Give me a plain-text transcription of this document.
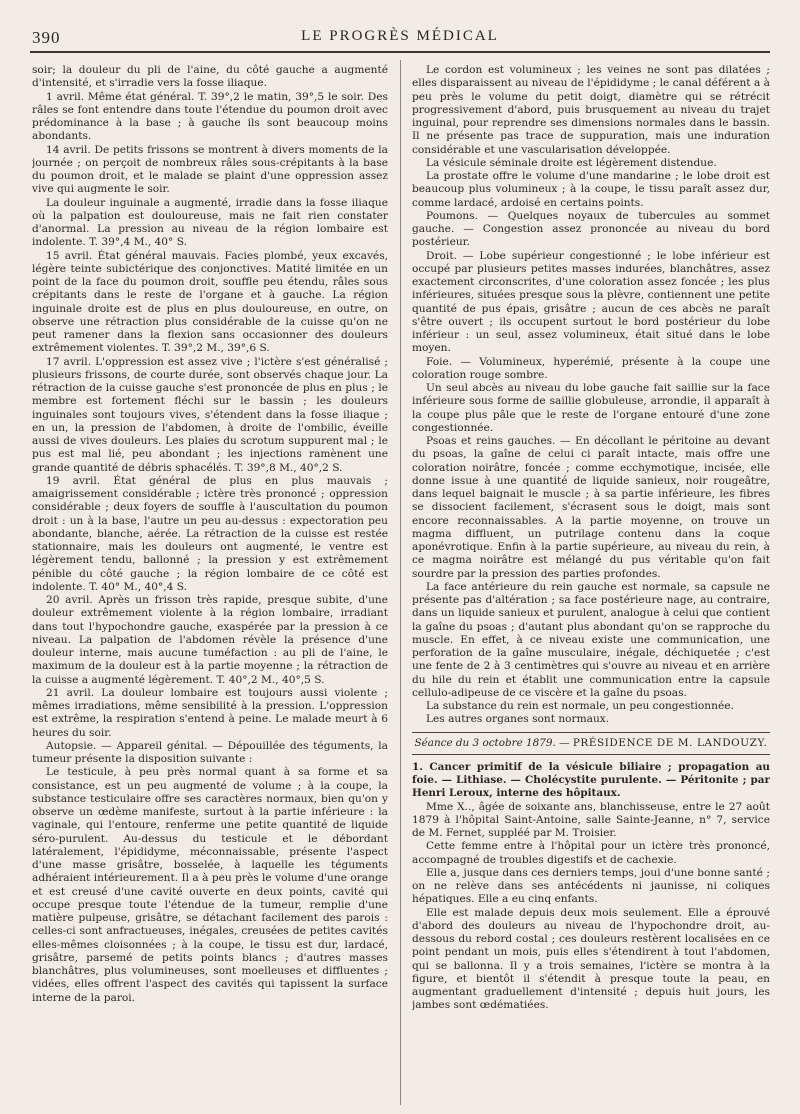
390	LE PROGRÈS MÉDICAL

soir; la douleur du pli de l'aine, du côté gauche a augmenté d'intensité, et s'irradie vers la fosse iliaque.

1 avril. Même état général. T. 39°,2 le matin, 39°,5 le soir. Des râles se font entendre dans toute l'étendue du poumon droit avec prédominance à la base ; à gauche ils sont beaucoup moins abondants.

14 avril. De petits frissons se montrent à divers moments de la journée ; on perçoit de nombreux râles sous-crépitants à la base du poumon droit, et le malade se plaint d'une oppression assez vive qui augmente le soir.

La douleur inguinale a augmenté, irradie dans la fosse iliaque où la palpation est douloureuse, mais ne fait rien constater d'anormal. La pression au niveau de la région lombaire est indolente. T. 39°,4 M., 40° S.

15 avril. État général mauvais. Facies plombé, yeux excavés, légère teinte subictérique des conjonctives. Matité limitée en un point de la face du poumon droit, souffle peu étendu, râles sous crépitants dans le reste de l'organe et à gauche. La région inguinale droite est de plus en plus douloureuse, en outre, on observe une rétraction plus considérable de la cuisse qu'on ne peut ramener dans la flexion sans occasionner des douleurs extrêmement violentes. T. 39°,2 M., 39°,6 S.

17 avril. L'oppression est assez vive ; l'ictère s'est généralisé ; plusieurs frissons, de courte durée, sont observés chaque jour. La rétraction de la cuisse gauche s'est prononcée de plus en plus ; le membre est fortement fléchi sur le bassin ; les douleurs inguinales sont toujours vives, s'étendent dans la fosse iliaque ; en un, la pression de l'abdomen, à droite de l'ombilic, éveille aussi de vives douleurs. Les plaies du scrotum suppurent mal ; le pus est mal lié, peu abondant ; les injections ramènent une grande quantité de débris sphacélés. T. 39°,8 M., 40°,2 S.

19 avril. État général de plus en plus mauvais ; amaigrissement considérable ; ictère très prononcé ; oppression considérable ; deux foyers de souffle à l'auscultation du poumon droit : un à la base, l'autre un peu au-dessus : expectoration peu abondante, blanche, aérée. La rétraction de la cuisse est restée stationnaire, mais les douleurs ont augmenté, le ventre est légèrement tendu, ballonné ; la pression y est extrêmement pénible du côté gauche ; la région lombaire de ce côté est indolente. T. 40° M., 40°,4 S.

20 avril. Après un frisson très rapide, presque subite, d'une douleur extrêmement violente à la région lombaire, irradiant dans tout l'hypochondre gauche, exaspérée par la pression à ce niveau. La palpation de l'abdomen révèle la présence d'une douleur interne, mais aucune tuméfaction : au pli de l'aine, le maximum de la douleur est à la partie moyenne ; la rétraction de la cuisse a augmenté légèrement. T. 40°,2 M., 40°,5 S.

21 avril. La douleur lombaire est toujours aussi violente ; mêmes irradiations, même sensibilité à la pression. L'oppression est extrême, la respiration s'entend à peine. Le malade meurt à 6 heures du soir.

Autopsie. — Appareil génital. — Dépouillée des téguments, la tumeur présente la disposition suivante :

Le testicule, à peu près normal quant à sa forme et sa consistance, est un peu augmenté de volume ; à la coupe, la substance testiculaire offre ses caractères normaux, bien qu'on y observe un œdème manifeste, surtout à la partie inférieure : la vaginale, qui l'entoure, renferme une petite quantité de liquide séro-purulent. Au-dessus du testicule et le débordant latéralement, l'épididyme, méconnaissable, présente l'aspect d'une masse grisâtre, bosselée, à laquelle les téguments adhéraient intérieurement. Il a à peu près le volume d'une orange et est creusé d'une cavité ouverte en deux points, cavité qui occupe presque toute l'étendue de la tumeur, remplie d'une matière pulpeuse, grisâtre, se détachant facilement des parois : celles-ci sont anfractueuses, inégales, creusées de petites cavités elles-mêmes cloisonnées ; à la coupe, le tissu est dur, lardacé, grisâtre, parsemé de petits points blancs ; d'autres masses blanchâtres, plus volumineuses, sont moelleuses et diffluentes ; vidées, elles offrent l'aspect des cavités qui tapissent la surface interne de la paroi.

Le cordon est volumineux ; les veines ne sont pas dilatées ; elles disparaissent au niveau de l'épididyme ; le canal déférent a à peu près le volume du petit doigt, diamètre qui se rétrécit progressivement d'abord, puis brusquement au niveau du trajet inguinal, pour reprendre ses dimensions normales dans le bassin. Il ne présente pas trace de suppuration, mais une induration considérable et une vascularisation développée.

La vésicule séminale droite est légèrement distendue.

La prostate offre le volume d'une mandarine ; le lobe droit est beaucoup plus volumineux ; à la coupe, le tissu paraît assez dur, comme lardacé, ardoisé en certains points.

Poumons. — Quelques noyaux de tubercules au sommet gauche. — Congestion assez prononcée au niveau du bord postérieur.

Droit. — Lobe supérieur congestionné ; le lobe inférieur est occupé par plusieurs petites masses indurées, blanchâtres, assez exactement circonscrites, d'une coloration assez foncée ; les plus inférieures, situées presque sous la plèvre, contiennent une petite quantité de pus épais, grisâtre ; aucun de ces abcès ne paraît s'être ouvert ; ils occupent surtout le bord postérieur du lobe inférieur : un seul, assez volumineux, était situé dans le lobe moyen.

Foie. — Volumineux, hyperémié, présente à la coupe une coloration rouge sombre.

Un seul abcès au niveau du lobe gauche fait saillie sur la face inférieure sous forme de saillie globuleuse, arrondie, il apparaît à la coupe plus pâle que le reste de l'organe entouré d'une zone congestionnée.

Psoas et reins gauches. — En décollant le péritoine au devant du psoas, la gaîne de celui ci paraît intacte, mais offre une coloration noirâtre, foncée ; comme ecchymotique, incisée, elle donne issue à une quantité de liquide sanieux, noir rougeâtre, dans lequel baignait le muscle ; à sa partie inférieure, les fibres se dissocient facilement, s'écrasent sous le doigt, mais sont encore reconnaissables. A la partie moyenne, on trouve un magma diffluent, un putrilage contenu dans la coque aponévrotique. Enfin à la partie supérieure, au niveau du rein, à ce magma noirâtre est mélangé du pus véritable qu'on fait sourdre par la pression des parties profondes.

La face antérieure du rein gauche est normale, sa capsule ne présente pas d'altération ; sa face postérieure nage, au contraire, dans un liquide sanieux et purulent, analogue à celui que contient la gaîne du psoas ; d'autant plus abondant qu'on se rapproche du muscle. En effet, à ce niveau existe une communication, une perforation de la gaîne musculaire, inégale, déchiquetée ; c'est une fente de 2 à 3 centimètres qui s'ouvre au niveau et en arrière du hile du rein et établit une communication entre la capsule cellulo-adipeuse de ce viscère et la gaîne du psoas.

La substance du rein est normale, un peu congestionnée.

Les autres organes sont normaux.

Séance du 3 octobre 1879. — PRÉSIDENCE DE M. LANDOUZY.

1. Cancer primitif de la vésicule biliaire ; propagation au foie. — Lithiase. — Cholécystite purulente. — Péritonite ; par Henri Leroux, interne des hôpitaux.

Mme X.., âgée de soixante ans, blanchisseuse, entre le 27 août 1879 à l'hôpital Saint-Antoine, salle Sainte-Jeanne, n° 7, service de M. Fernet, suppléé par M. Troisier.

Cette femme entre à l'hôpital pour un ictère très prononcé, accompagné de troubles digestifs et de cachexie.

Elle a, jusque dans ces derniers temps, joui d'une bonne santé ; on ne relève dans ses antécédents ni jaunisse, ni coliques hépatiques. Elle a eu cinq enfants.

Elle est malade depuis deux mois seulement. Elle a éprouvé d'abord des douleurs au niveau de l'hypochondre droit, au-dessous du rebord costal ; ces douleurs restèrent localisées en ce point pendant un mois, puis elles s'étendirent à tout l'abdomen, qui se ballonna. Il y a trois semaines, l'ictère se montra à la figure, et bientôt il s'étendit à presque toute la peau, en augmentant graduellement d'intensité ; depuis huit jours, les jambes sont œdématiées.
